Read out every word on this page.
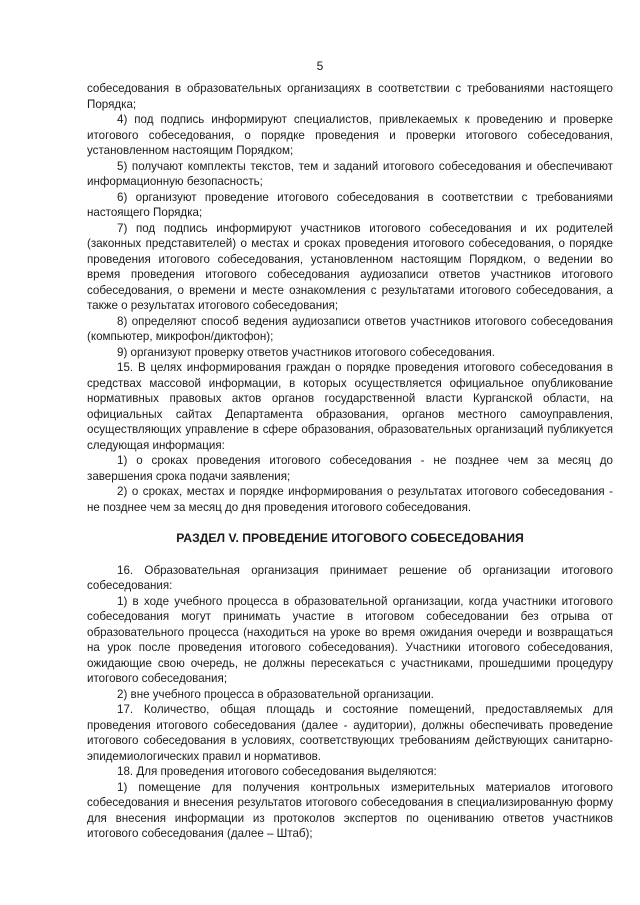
5

собеседования в образовательных организациях в соответствии с требованиями настоящего Порядка;

4) под подпись информируют специалистов, привлекаемых к проведению и проверке итогового собеседования, о порядке проведения и проверки итогового собеседования, установленном настоящим Порядком;

5) получают комплекты текстов, тем и заданий итогового собеседования и обеспечивают информационную безопасность;

6) организуют проведение итогового собеседования в соответствии с требованиями настоящего Порядка;

7) под подпись информируют участников итогового собеседования и их родителей (законных представителей) о местах и сроках проведения итогового собеседования, о порядке проведения итогового собеседования, установленном настоящим Порядком, о ведении во время проведения итогового собеседования аудиозаписи ответов участников итогового собеседования, о времени и месте ознакомления с результатами итогового собеседования, а также о результатах итогового собеседования;

8) определяют способ ведения аудиозаписи ответов участников итогового собеседования (компьютер, микрофон/диктофон);

9) организуют проверку ответов участников итогового собеседования.

15. В целях информирования граждан о порядке проведения итогового собеседования в средствах массовой информации, в которых осуществляется официальное опубликование нормативных правовых актов органов государственной власти Курганской области, на официальных сайтах Департамента образования, органов местного самоуправления, осуществляющих управление в сфере образования, образовательных организаций публикуется следующая информация:

1) о сроках проведения итогового собеседования - не позднее чем за месяц до завершения срока подачи заявления;

2) о сроках, местах и порядке информирования о результатах итогового собеседования - не позднее чем за месяц до дня проведения итогового собеседования.

РАЗДЕЛ V. ПРОВЕДЕНИЕ ИТОГОВОГО СОБЕСЕДОВАНИЯ

16. Образовательная организация принимает решение об организации итогового собеседования:

1) в ходе учебного процесса в образовательной организации, когда участники итогового собеседования могут принимать участие в итоговом собеседовании без отрыва от образовательного процесса (находиться на уроке во время ожидания очереди и возвращаться на урок после проведения итогового собеседования). Участники итогового собеседования, ожидающие свою очередь, не должны пересекаться с участниками, прошедшими процедуру итогового собеседования;

2) вне учебного процесса в образовательной организации.

17. Количество, общая площадь и состояние помещений, предоставляемых для проведения итогового собеседования (далее - аудитории), должны обеспечивать проведение итогового собеседования в условиях, соответствующих требованиям действующих санитарно-эпидемиологических правил и нормативов.

18. Для проведения итогового собеседования выделяются:

1) помещение для получения контрольных измерительных материалов итогового собеседования и внесения результатов итогового собеседования в специализированную форму для внесения информации из протоколов экспертов по оцениванию ответов участников итогового собеседования (далее – Штаб);
